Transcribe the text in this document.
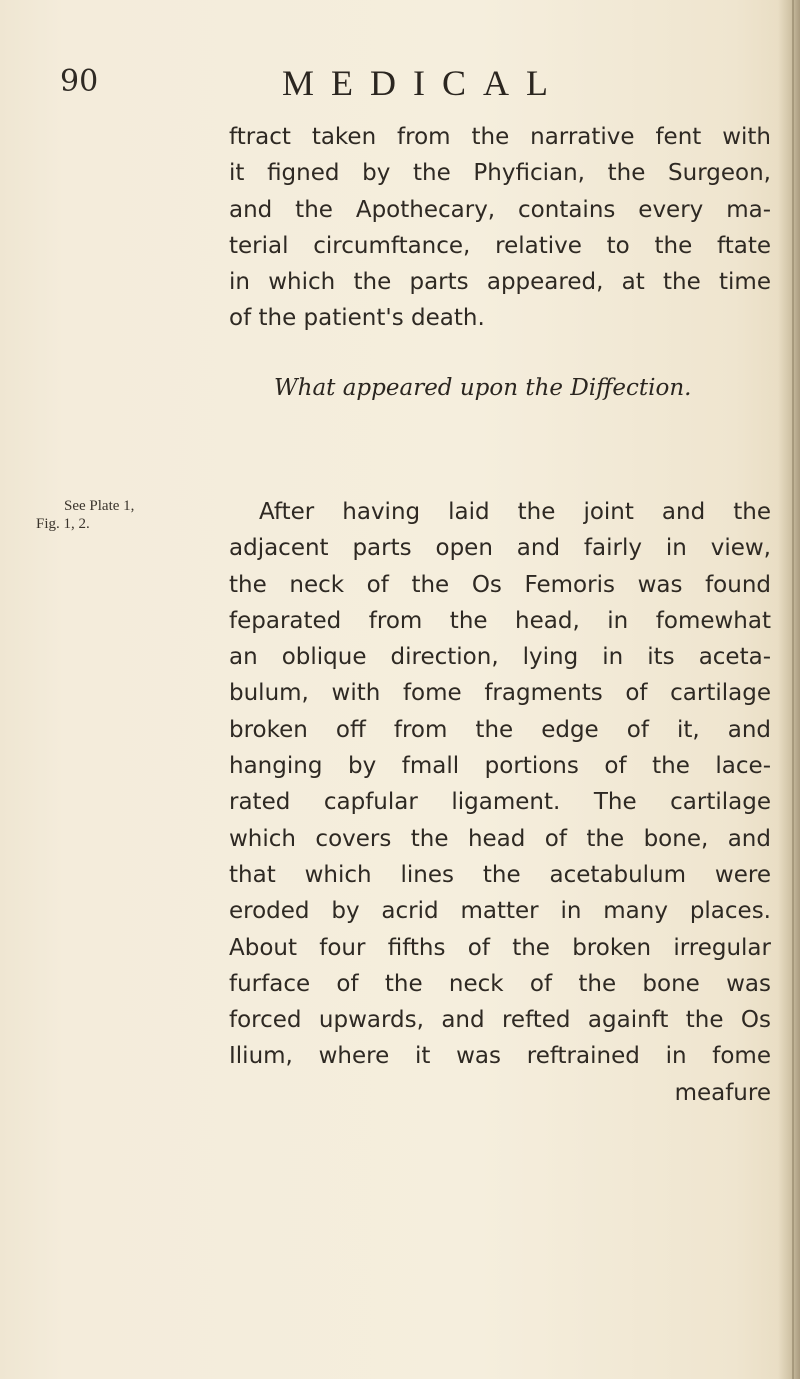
90	MEDICAL
ftract taken from the narrative fent with
it figned by the Phyfician, the Surgeon,
and the Apothecary, contains every ma-
terial circumftance, relative to the ftate
in which the parts appeared, at the time
of the patient's death.
What appeared upon the Diffection.
See Plate 1,
Fig. 1, 2.	After having laid the joint and the
adjacent parts open and fairly in view,
the neck of the Os Femoris was found
feparated from the head, in fomewhat
an oblique direction, lying in its aceta-
bulum, with fome fragments of cartilage
broken off from the edge of it, and
hanging by fmall portions of the lace-
rated capfular ligament. The cartilage
which covers the head of the bone, and
that which lines the acetabulum were
eroded by acrid matter in many places.
About four fifths of the broken irregular
furface of the neck of the bone was
forced upwards, and refted againft the Os
Ilium, where it was reftrained in fome
meafure
